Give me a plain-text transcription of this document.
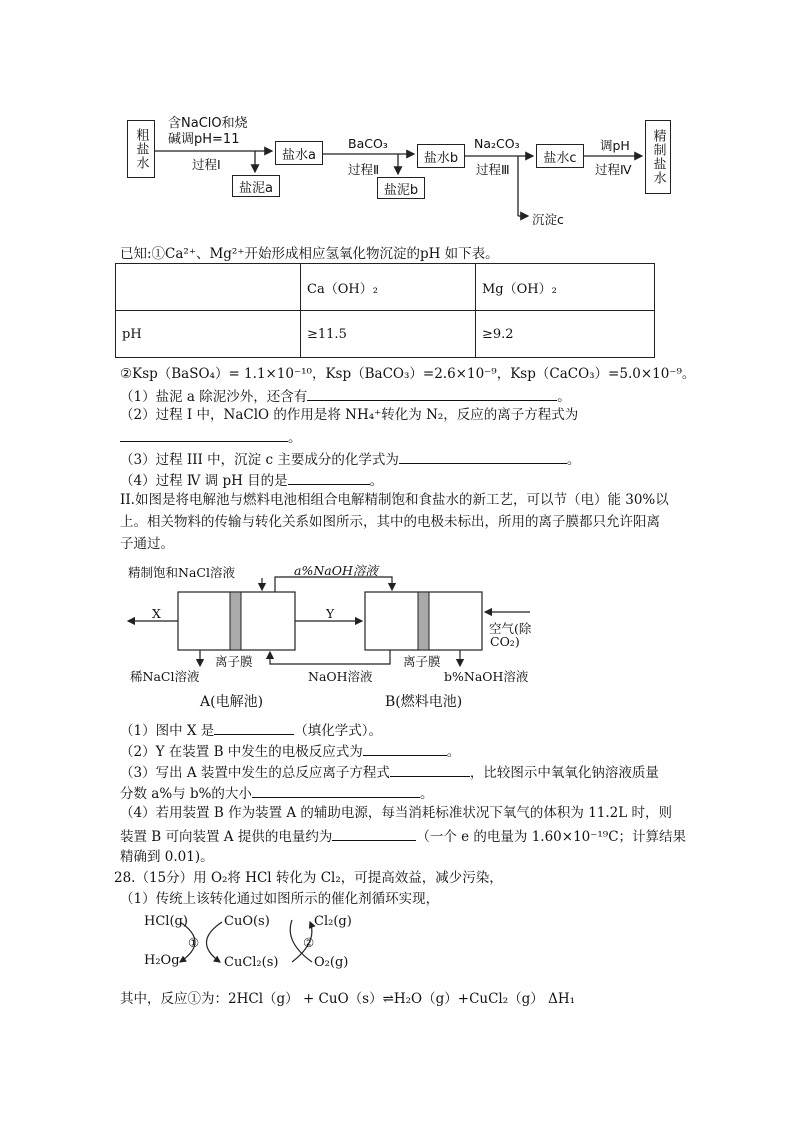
粗盐水
含NaClO和烧
碱调pH=11
过程Ⅰ
盐水a
盐泥a
BaCO₃
过程Ⅱ
盐水b
盐泥b
Na₂CO₃
过程Ⅲ
盐水c
沉淀c
调pH
过程Ⅳ	精制盐水
已知:①Ca²⁺、Mg²⁺开始形成相应氢氧化物沉淀的pH 如下表。
	Ca（OH）₂	Mg（OH）₂
pH	≥11.5	≥9.2
②Ksp（BaSO₄）= 1.1×10⁻¹⁰，Ksp（BaCO₃）=2.6×10⁻⁹，Ksp（CaCO₃）=5.0×10⁻⁹。
（1）盐泥 a 除泥沙外，还含有	。
（2）过程 I 中，NaClO 的作用是将 NH₄⁺转化为 N₂，反应的离子方程式为
。
（3）过程 III 中，沉淀 c 主要成分的化学式为	。
（4）过程 Ⅳ 调 pH 目的是	。
II.如图是将电解池与燃料电池相组合电解精制饱和食盐水的新工艺，可以节（电）能 30%以
上。相关物料的传输与转化关系如图所示，其中的电极未标出，所用的离子膜都只允许阳离
子通过。
精制饱和NaCl溶液	a%NaOH溶液
X	Y
空气(除
CO₂)
离子膜	离子膜
稀NaCl溶液	NaOH溶液	b%NaOH溶液
A(电解池)	B(燃料电池)
（1）图中 X 是	（填化学式）。
（2）Y 在装置 B 中发生的电极反应式为	。
（3）写出 A 装置中发生的总反应离子方程式	，比较图示中氧氧化钠溶液质量
分数 a%与 b%的大小	。
（4）若用装置 B 作为装置 A 的辅助电源，每当消耗标准状况下氧气的体积为 11.2L 时，则
装置 B 可向装置 A 提供的电量约为	（一个 e 的电量为 1.60×10⁻¹⁹C；计算结果
精确到 0.01)。
28.（15分）用 O₂将 HCl 转化为 Cl₂，可提高效益，减少污染，
（1）传统上该转化通过如图所示的催化剂循环实现，
HCl(g)	CuO(s)	Cl₂(g)
H₂Og	CuCl₂(s)	O₂(g)
①	②
其中，反应①为：2HCl（g） + CuO（s）⇌H₂O（g）+CuCl₂（g） ΔH₁
